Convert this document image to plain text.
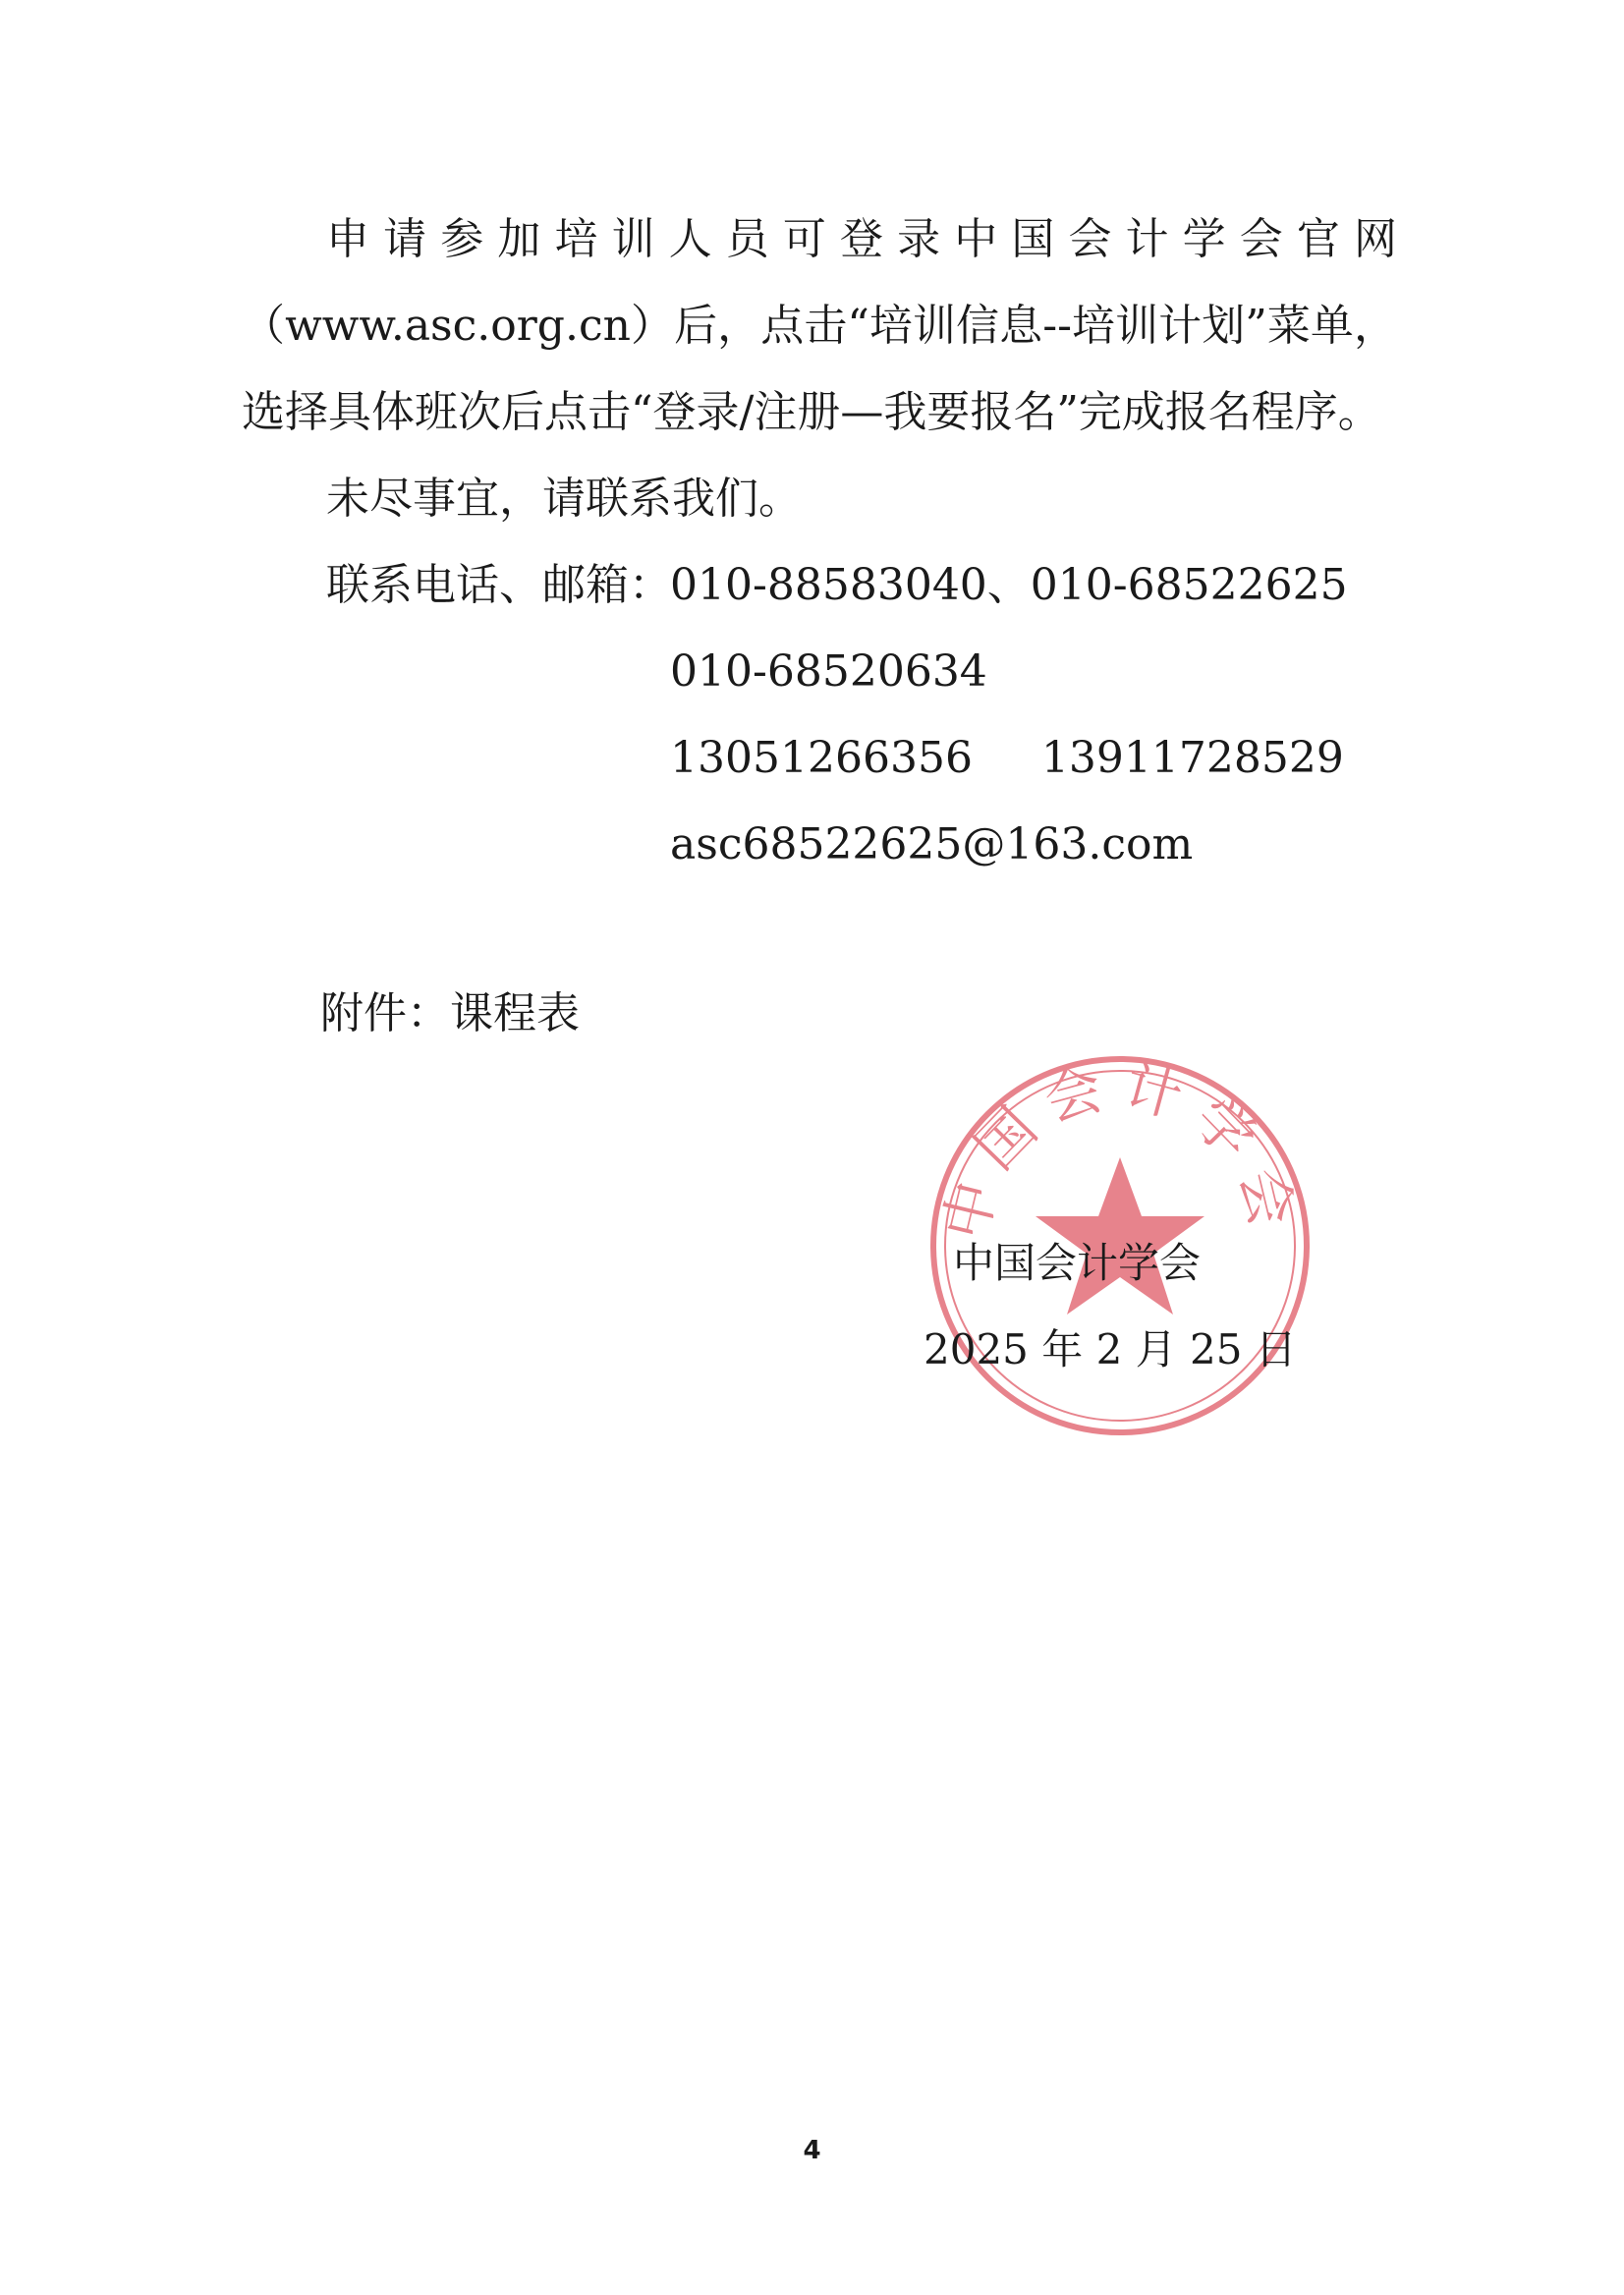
申请参加培训人员可登录中国会计学会官网
（www.asc.org.cn）后，点击“培训信息--培训计划”菜单，
选择具体班次后点击“登录/注册—我要报名”完成报名程序。
未尽事宜，请联系我们。
联系电话、邮箱：
010-88583040、010-68522625
010-68520634
13051266356 13911728529
asc68522625@163.com
附件：课程表
中国会计学会
中国会计学会
2025 年 2 月 25 日
4
